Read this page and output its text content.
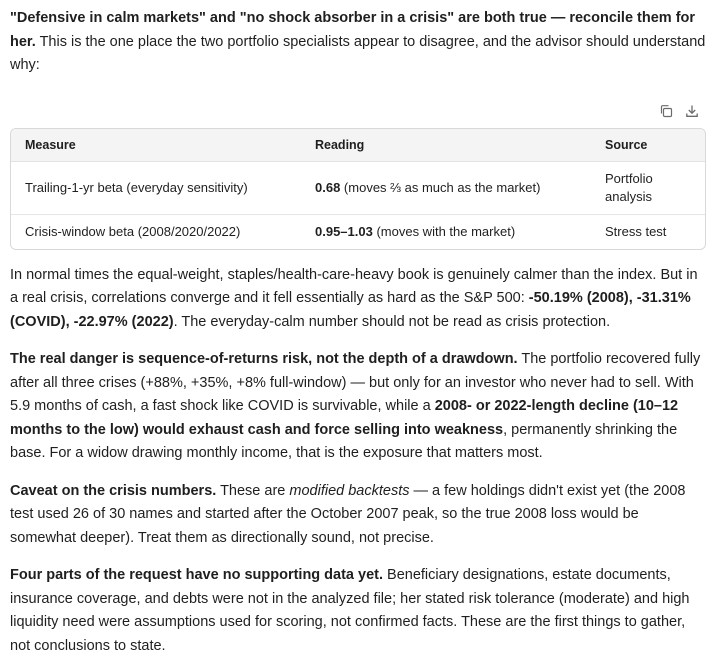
"Defensive in calm markets" and "no shock absorber in a crisis" are both true — reconcile them for her. This is the one place the two portfolio specialists appear to disagree, and the advisor should understand why:

Measure	Reading	Source
Trailing-1-yr beta (everyday sensitivity)	0.68 (moves ⅔ as much as the market)	Portfolio analysis
Crisis-window beta (2008/2020/2022)	0.95–1.03 (moves with the market)	Stress test

In normal times the equal-weight, staples/health-care-heavy book is genuinely calmer than the index. But in a real crisis, correlations converge and it fell essentially as hard as the S&P 500: -50.19% (2008), -31.31% (COVID), -22.97% (2022). The everyday-calm number should not be read as crisis protection.

The real danger is sequence-of-returns risk, not the depth of a drawdown. The portfolio recovered fully after all three crises (+88%, +35%, +8% full-window) — but only for an investor who never had to sell. With 5.9 months of cash, a fast shock like COVID is survivable, while a 2008- or 2022-length decline (10–12 months to the low) would exhaust cash and force selling into weakness, permanently shrinking the base. For a widow drawing monthly income, that is the exposure that matters most.

Caveat on the crisis numbers. These are modified backtests — a few holdings didn't exist yet (the 2008 test used 26 of 30 names and started after the October 2007 peak, so the true 2008 loss would be somewhat deeper). Treat them as directionally sound, not precise.

Four parts of the request have no supporting data yet. Beneficiary designations, estate documents, insurance coverage, and debts were not in the analyzed file; her stated risk tolerance (moderate) and high liquidity need were assumptions used for scoring, not confirmed facts. These are the first things to gather, not conclusions to state.
